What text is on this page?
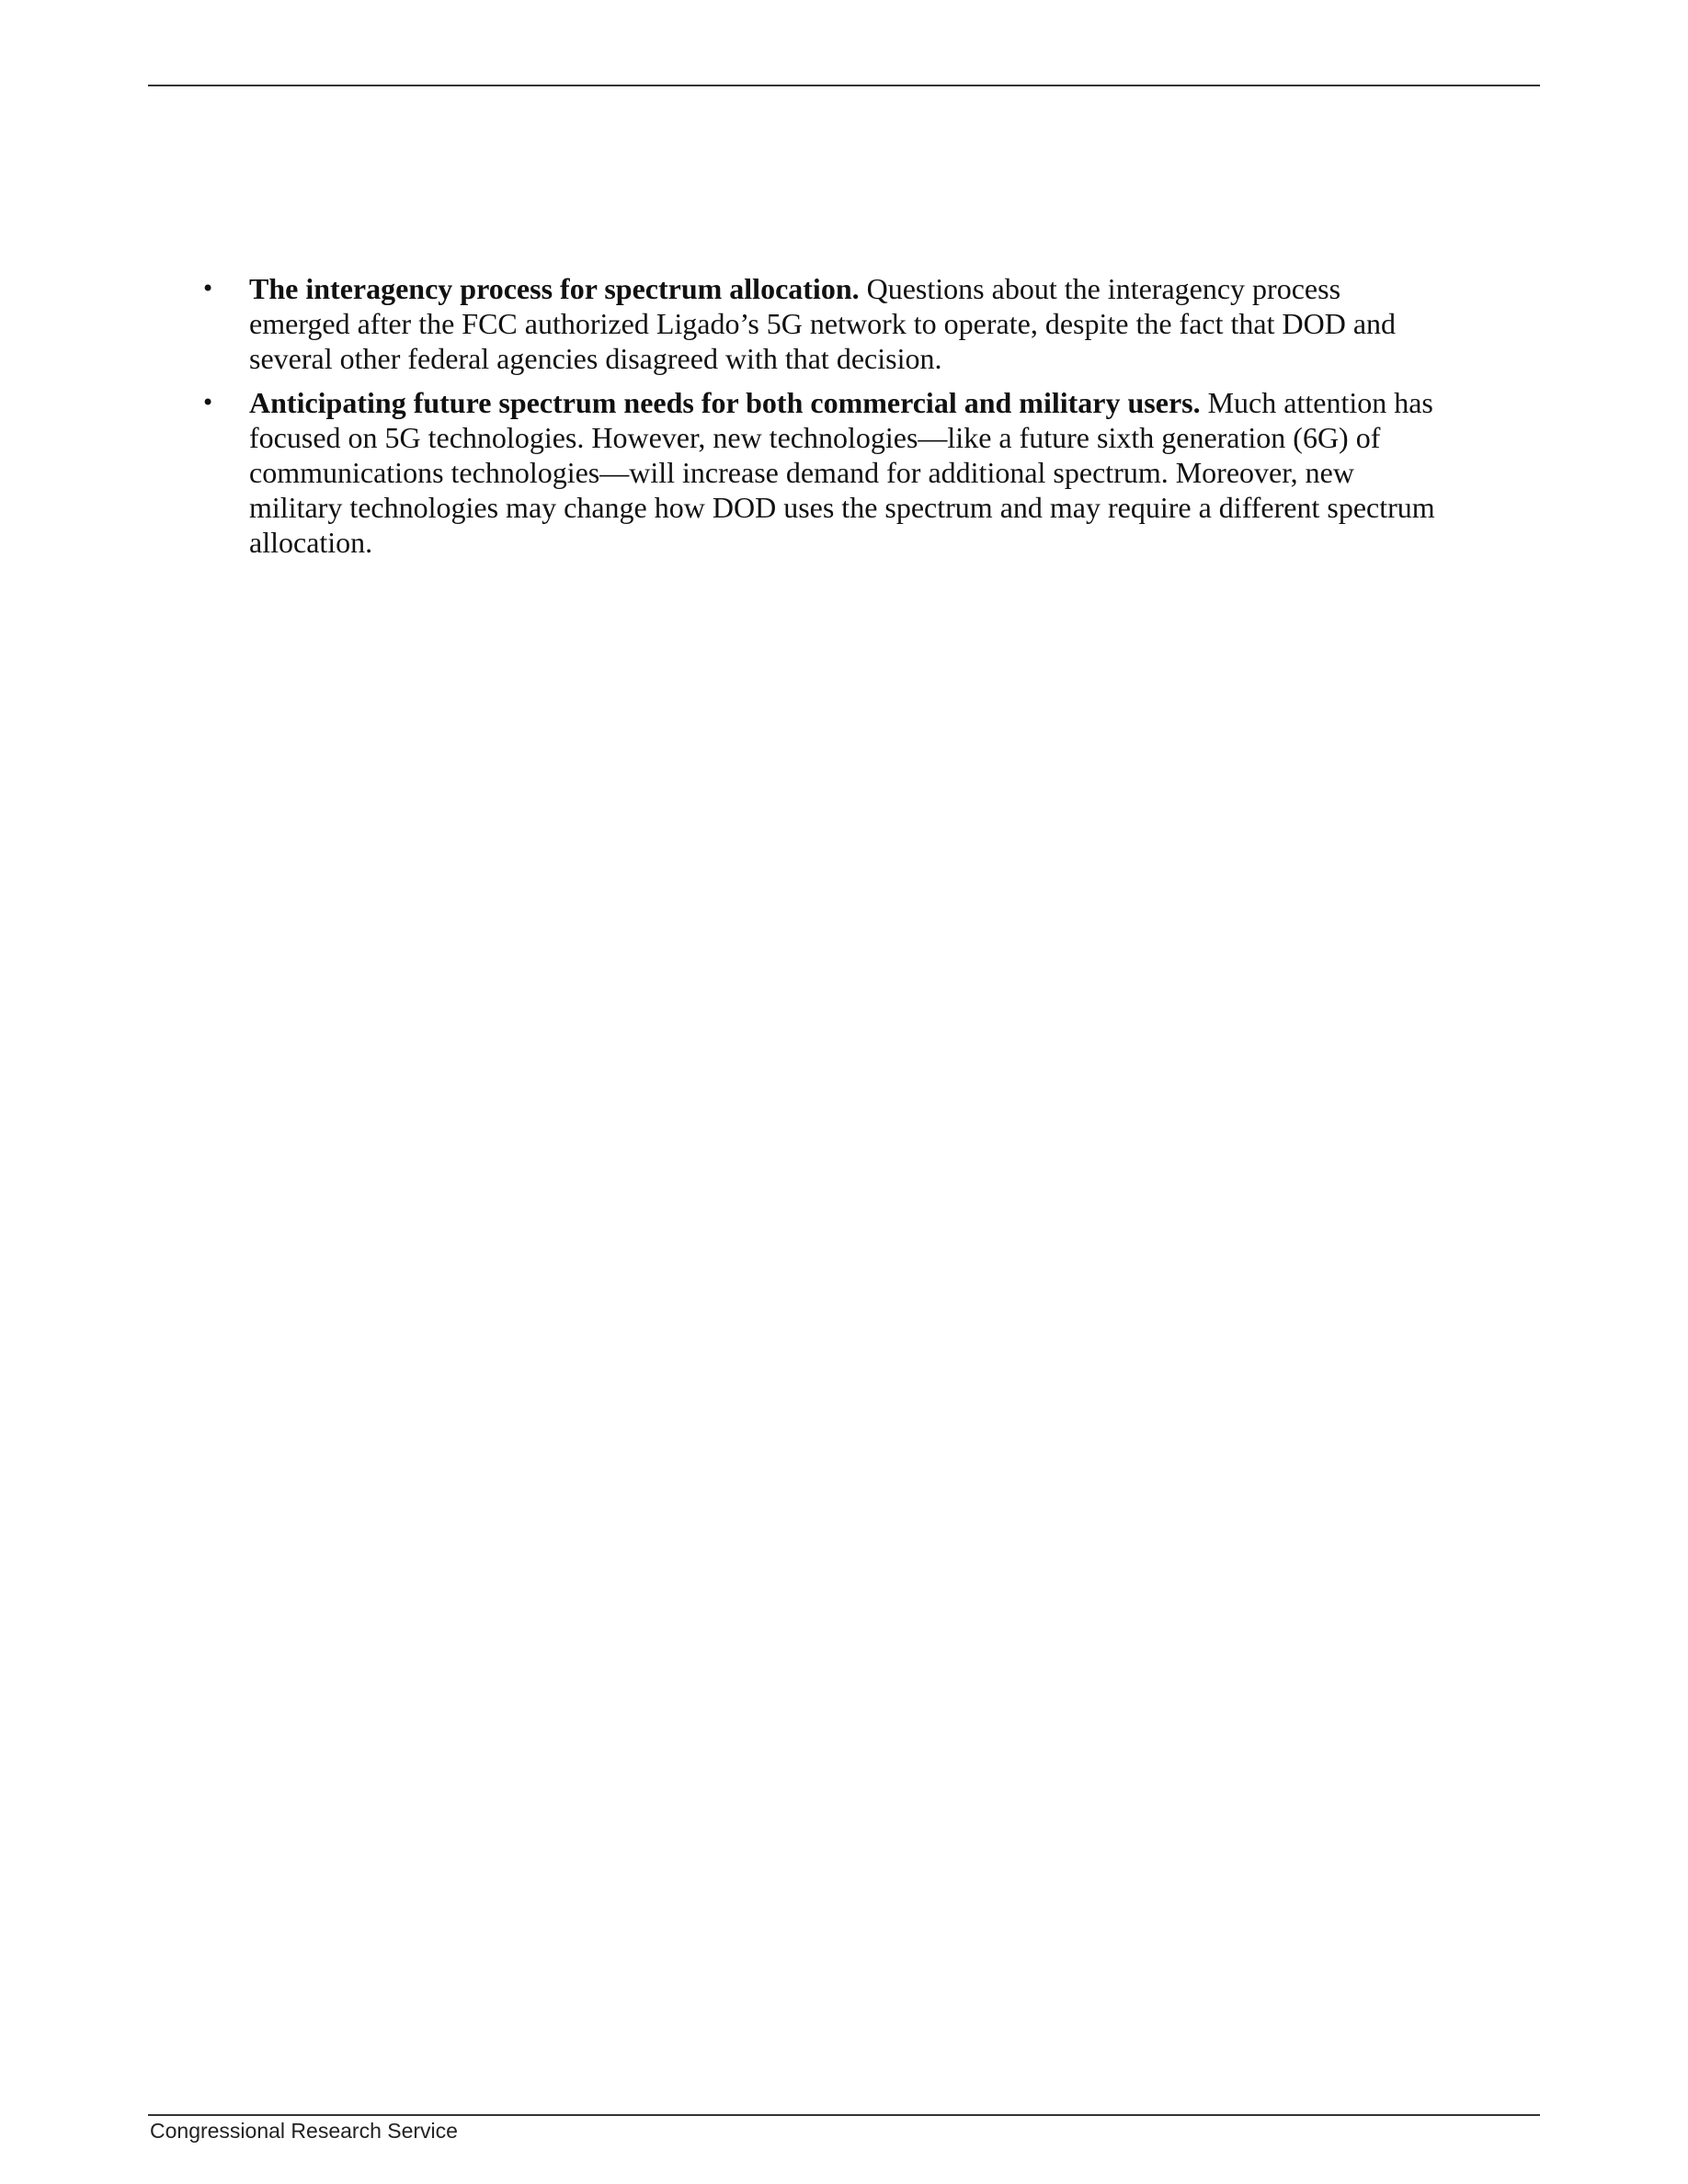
• The interagency process for spectrum allocation. Questions about the interagency process emerged after the FCC authorized Ligado’s 5G network to operate, despite the fact that DOD and several other federal agencies disagreed with that decision.
• Anticipating future spectrum needs for both commercial and military users. Much attention has focused on 5G technologies. However, new technologies—like a future sixth generation (6G) of communications technologies—will increase demand for additional spectrum. Moreover, new military technologies may change how DOD uses the spectrum and may require a different spectrum allocation.
Congressional Research Service
